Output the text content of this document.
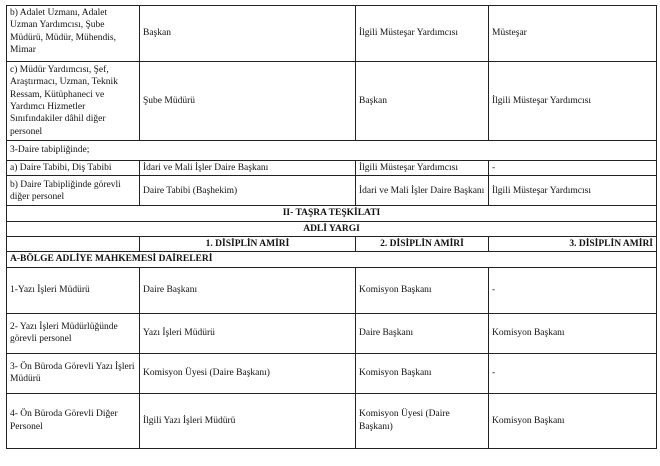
b) Adalet Uzmanı, Adalet Uzman Yardımcısı, Şube Müdürü, Müdür, Mühendis, Mimar	Başkan	İlgili Müsteşar Yardımcısı	Müsteşar
c) Müdür Yardımcısı, Şef, Araştırmacı, Uzman, Teknik Ressam, Kütüphaneci ve Yardımcı Hizmetler Sınıfındakiler dâhil diğer personel	Şube Müdürü	Başkan	İlgili Müsteşar Yardımcısı
3-Daire tabipliğinde;			
a) Daire Tabibi, Diş Tabibi	İdari ve Mali İşler Daire Başkanı	İlgili Müsteşar Yardımcısı	-
b) Daire Tabipliğinde görevli diğer personel	Daire Tabibi (Başhekim)	İdari ve Mali İşler Daire Başkanı	İlgili Müsteşar Yardımcısı
II- TAŞRA TEŞKİLATI			
ADLİ YARGI			
	1. DİSİPLİN AMİRİ	2. DİSİPLİN AMİRİ	3. DİSİPLİN AMİRİ
A-BÖLGE ADLİYE MAHKEMESİ DAİRELERİ			
1-Yazı İşleri Müdürü	Daire Başkanı	Komisyon Başkanı	-
2- Yazı İşleri Müdürlüğünde görevli personel	Yazı İşleri Müdürü	Daire Başkanı	Komisyon Başkanı
3- Ön Büroda Görevli Yazı İşleri Müdürü	Komisyon Üyesi (Daire Başkanı)	Komisyon Başkanı	-
4- Ön Büroda Görevli Diğer Personel	İlgili Yazı İşleri Müdürü	Komisyon Üyesi (Daire Başkanı)	Komisyon Başkanı
